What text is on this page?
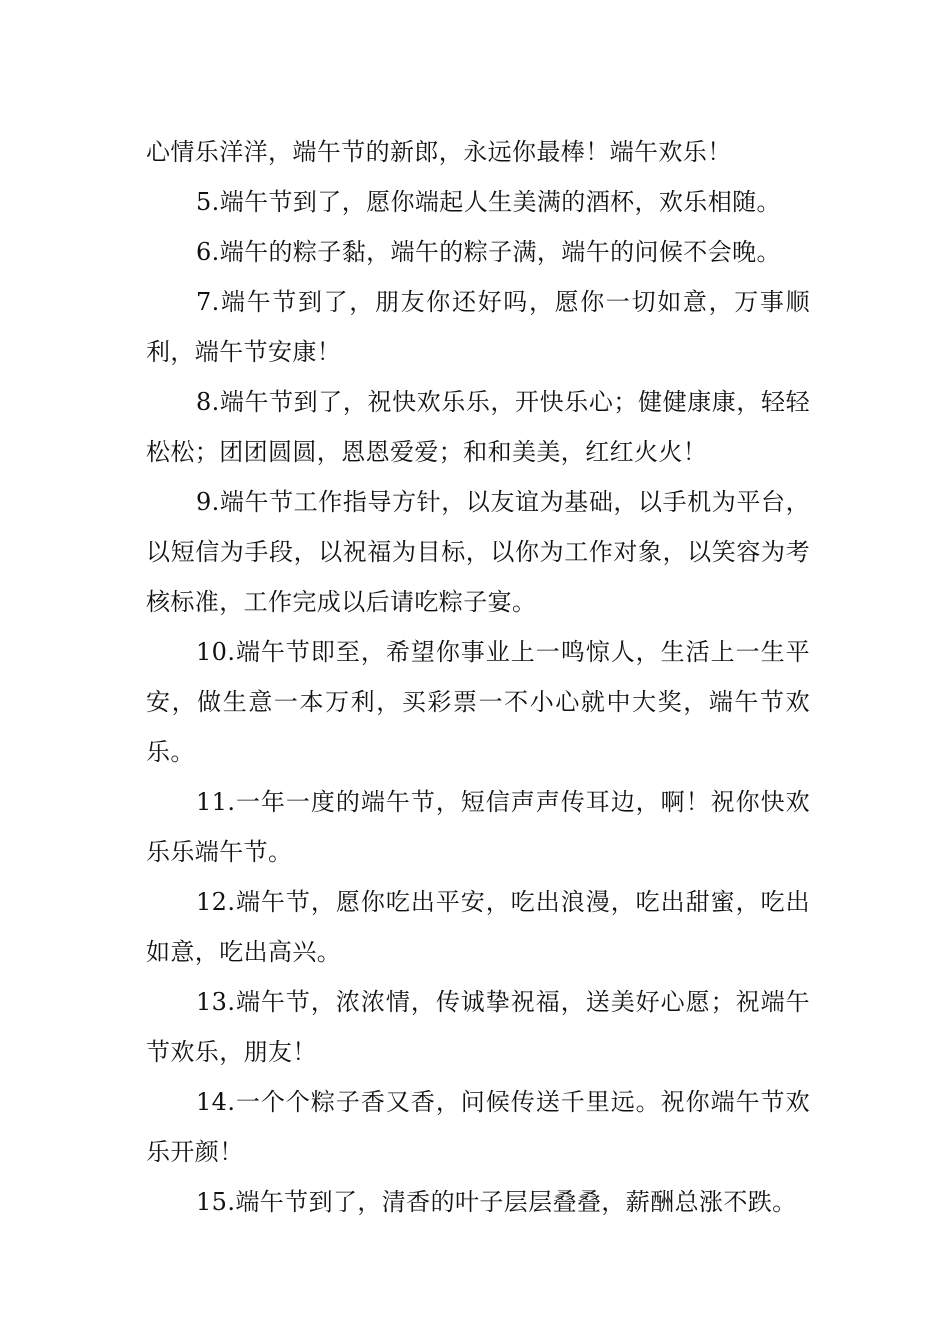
心情乐洋洋，端午节的新郎，永远你最棒！端午欢乐！

5.端午节到了，愿你端起人生美满的酒杯，欢乐相随。

6.端午的粽子黏，端午的粽子满，端午的问候不会晚。

7.端午节到了，朋友你还好吗，愿你一切如意，万事顺利，端午节安康！

8.端午节到了，祝快欢乐乐，开快乐心；健健康康，轻轻松松；团团圆圆，恩恩爱爱；和和美美，红红火火！

9.端午节工作指导方针，以友谊为基础，以手机为平台，以短信为手段，以祝福为目标，以你为工作对象，以笑容为考核标准，工作完成以后请吃粽子宴。

10.端午节即至，希望你事业上一鸣惊人，生活上一生平安，做生意一本万利，买彩票一不小心就中大奖，端午节欢乐。

11.一年一度的端午节，短信声声传耳边，啊！祝你快欢乐乐端午节。

12.端午节，愿你吃出平安，吃出浪漫，吃出甜蜜，吃出如意，吃出高兴。

13.端午节，浓浓情，传诚挚祝福，送美好心愿；祝端午节欢乐，朋友！

14.一个个粽子香又香，问候传送千里远。祝你端午节欢乐开颜！

15.端午节到了，清香的叶子层层叠叠，薪酬总涨不跌。
